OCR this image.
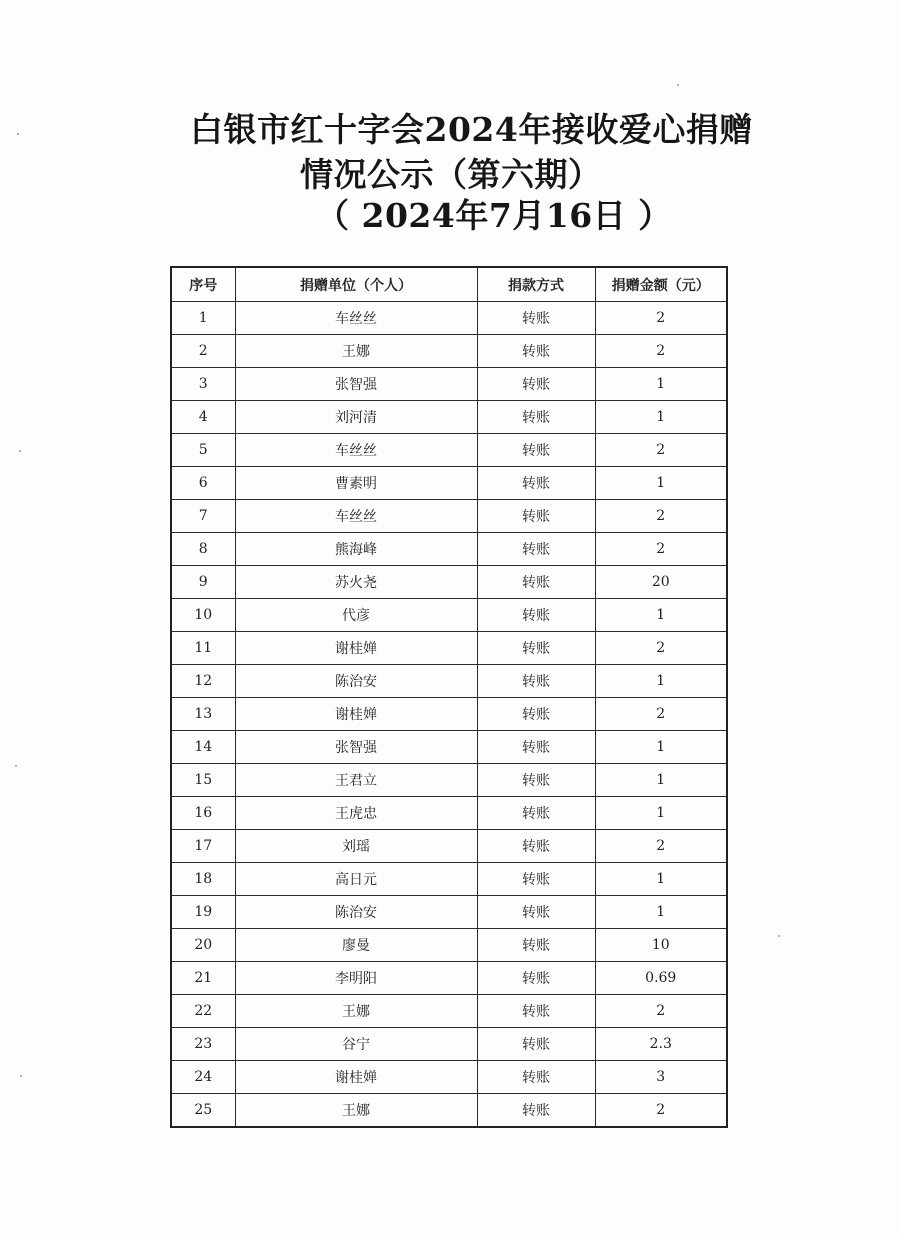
白银市红十字会2024年接收爱心捐赠
情况公示（第六期）
（ 2024年7月16日 ）
序号	捐赠单位（个人）	捐款方式	捐赠金额（元）
1	车丝丝	转账	2
2	王娜	转账	2
3	张智强	转账	1
4	刘河清	转账	1
5	车丝丝	转账	2
6	曹素明	转账	1
7	车丝丝	转账	2
8	熊海峰	转账	2
9	苏火尧	转账	20
10	代彦	转账	1
11	谢桂婵	转账	2
12	陈治安	转账	1
13	谢桂婵	转账	2
14	张智强	转账	1
15	王君立	转账	1
16	王虎忠	转账	1
17	刘瑶	转账	2
18	高日元	转账	1
19	陈治安	转账	1
20	廖曼	转账	10
21	李明阳	转账	0.69
22	王娜	转账	2
23	谷宁	转账	2.3
24	谢桂婵	转账	3
25	王娜	转账	2
